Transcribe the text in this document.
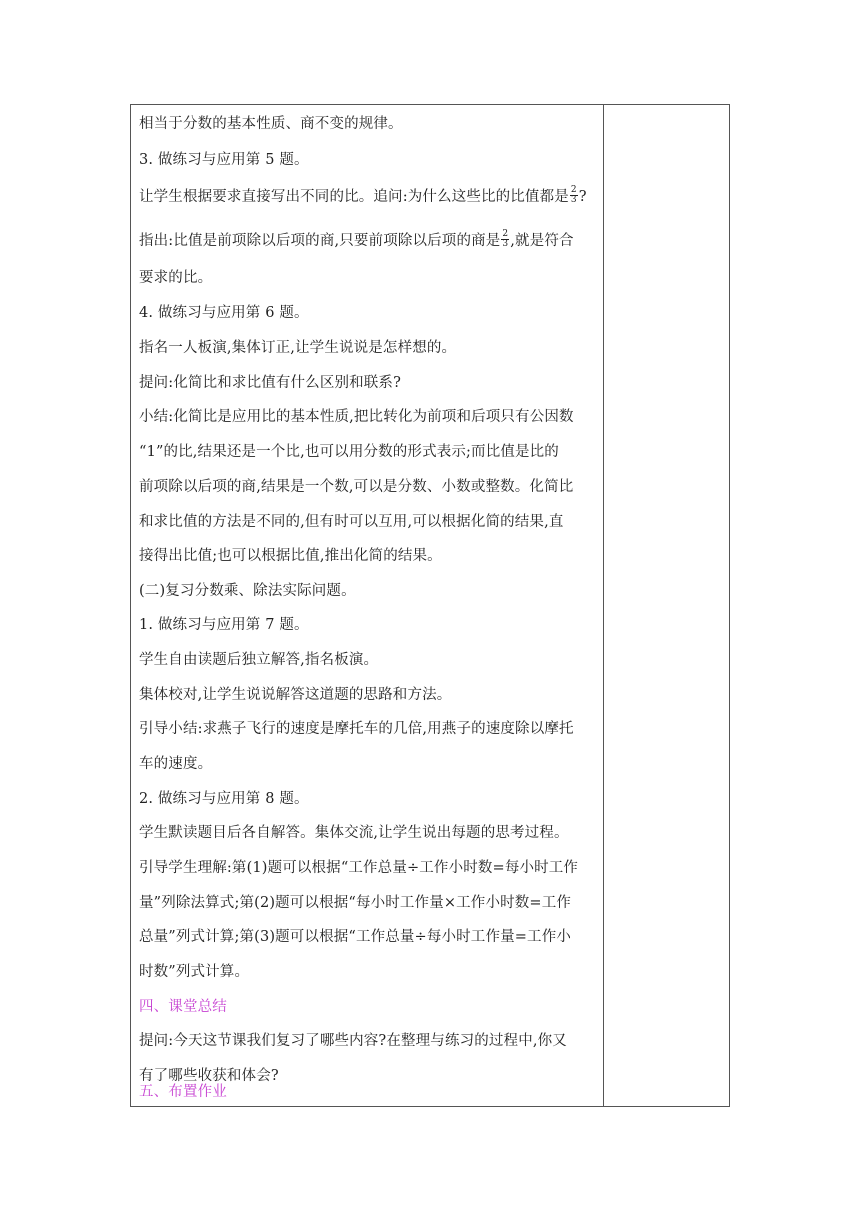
相当于分数的基本性质、商不变的规律。
3. 做练习与应用第 5 题。
让学生根据要求直接写出不同的比。追问:为什么这些比的比值都是 $\frac{2}{3}$ ?
指出:比值是前项除以后项的商,只要前项除以后项的商是 $\frac{2}{3}$ ,就是符合
要求的比。
4. 做练习与应用第 6 题。
指名一人板演,集体订正,让学生说说是怎样想的。
提问:化简比和求比值有什么区别和联系?
小结:化简比是应用比的基本性质,把比转化为前项和后项只有公因数
“1”的比,结果还是一个比,也可以用分数的形式表示;而比值是比的
前项除以后项的商,结果是一个数,可以是分数、小数或整数。化简比
和求比值的方法是不同的,但有时可以互用,可以根据化简的结果,直
接得出比值;也可以根据比值,推出化简的结果。
(二)复习分数乘、除法实际问题。
1. 做练习与应用第 7 题。
学生自由读题后独立解答,指名板演。
集体校对,让学生说说解答这道题的思路和方法。
引导小结:求燕子飞行的速度是摩托车的几倍,用燕子的速度除以摩托
车的速度。
2. 做练习与应用第 8 题。
学生默读题目后各自解答。集体交流,让学生说出每题的思考过程。
引导学生理解:第(1)题可以根据“工作总量÷工作小时数=每小时工作
量”列除法算式;第(2)题可以根据“每小时工作量×工作小时数=工作
总量”列式计算;第(3)题可以根据“工作总量÷每小时工作量=工作小
时数”列式计算。
四、课堂总结
提问:今天这节课我们复习了哪些内容?在整理与练习的过程中,你又
有了哪些收获和体会?
五、布置作业
